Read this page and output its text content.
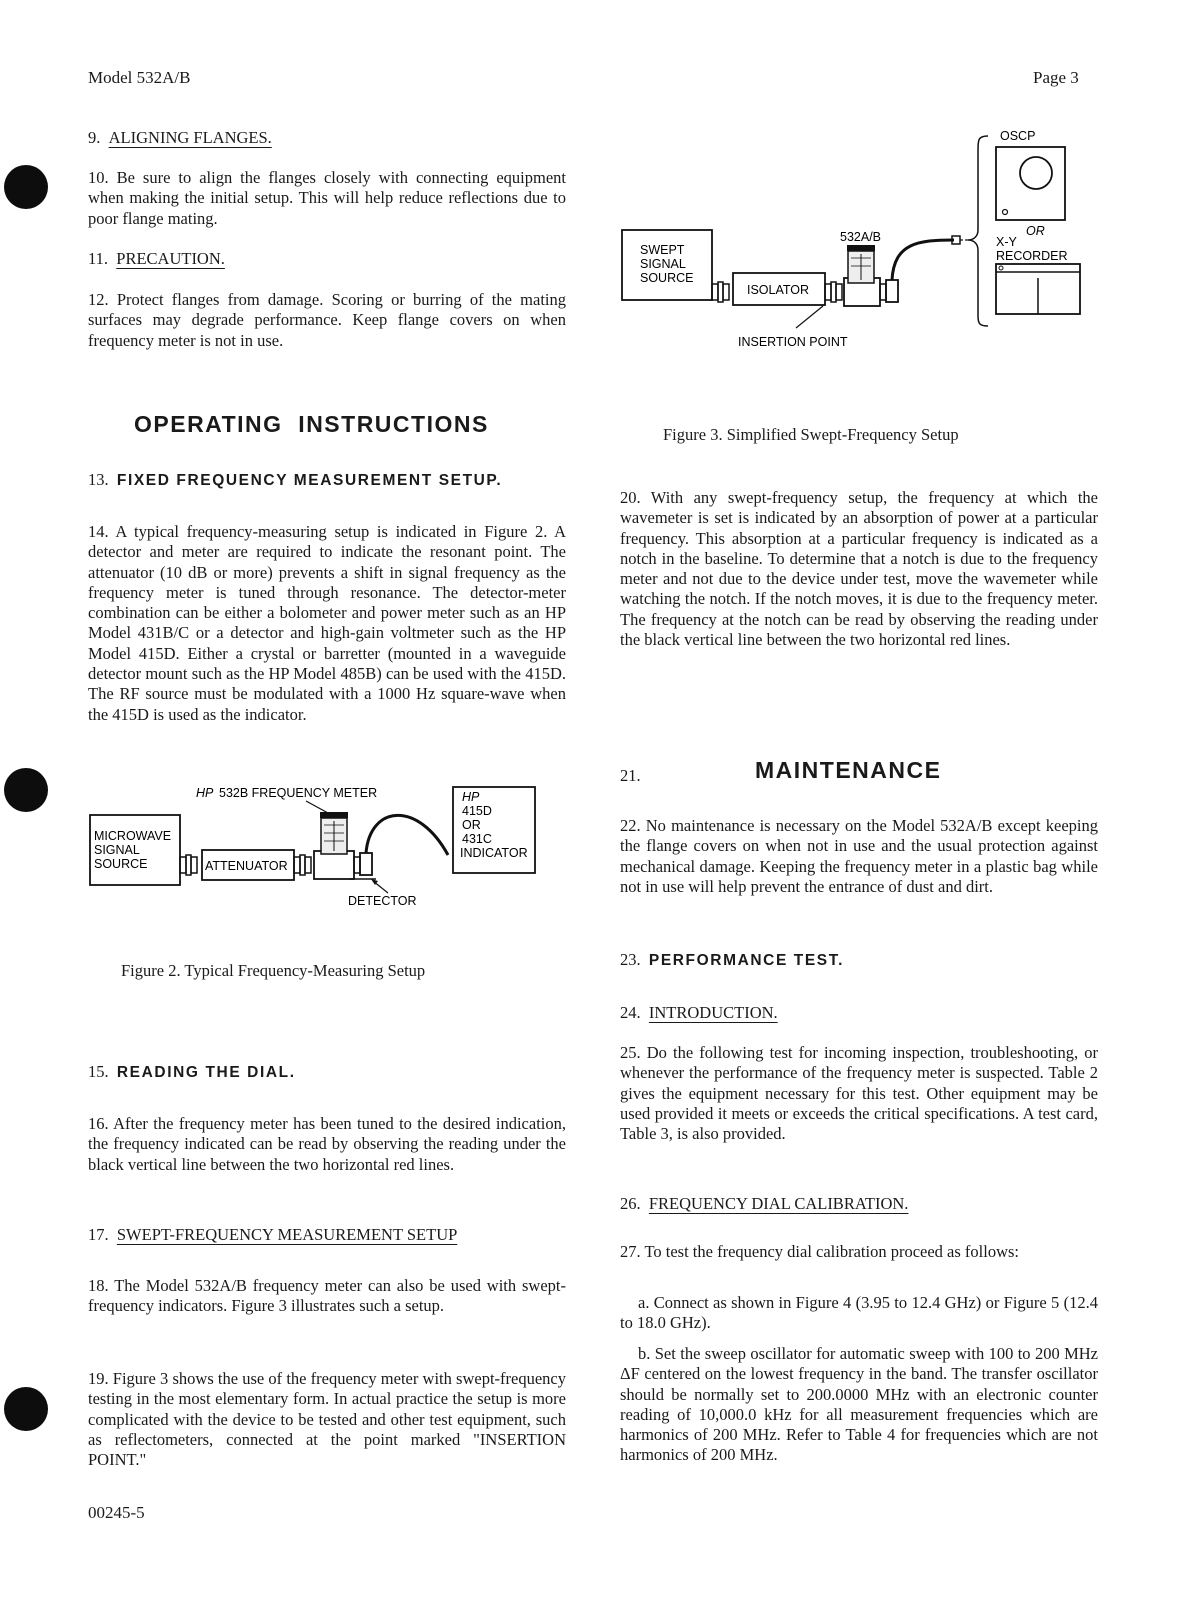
Model 532A/B	Page 3
9. ALIGNING FLANGES.

10. Be sure to align the flanges closely with connecting equipment when making the initial setup. This will help reduce reflections due to poor flange mating.

11. PRECAUTION.

12. Protect flanges from damage. Scoring or burring of the mating surfaces may degrade performance. Keep flange covers on when frequency meter is not in use.

OPERATING  INSTRUCTIONS
13. FIXED FREQUENCY MEASUREMENT SETUP.

14. A typical frequency-measuring setup is indicated in Figure 2. A detector and meter are required to indicate the resonant point. The attenuator (10 dB or more) prevents a shift in signal frequency as the frequency meter is tuned through resonance. The detector-meter combination can be either a bolometer and power meter such as an HP Model 431B/C or a detector and high-gain voltmeter such as the HP Model 415D. Either a crystal or barretter (mounted in a waveguide detector mount such as the HP Model 485B) can be used with the 415D. The RF source must be modulated with a 1000 Hz square-wave when the 415D is used as the indicator.

MICROWAVE
SIGNAL
SOURCE	ATTENUATOR
HP 532B FREQUENCY METER
DETECTOR
HP
415D
OR
431C
INDICATOR
Figure 2. Typical Frequency-Measuring Setup
15. READING THE DIAL.

16. After the frequency meter has been tuned to the desired indication, the frequency indicated can be read by observing the reading under the black vertical line between the two horizontal red lines.

17. SWEPT-FREQUENCY MEASUREMENT SETUP

18. The Model 532A/B frequency meter can also be used with swept-frequency indicators. Figure 3 illustrates such a setup.

19. Figure 3 shows the use of the frequency meter with swept-frequency testing in the most elementary form. In actual practice the setup is more complicated with the device to be tested and other test equipment, such as reflectometers, connected at the point marked "INSERTION POINT."

00245-5
SWEPT
SIGNAL
SOURCE
ISOLATOR
532A/B
INSERTION POINT
OSCP
OR
X-Y
RECORDER
Figure 3. Simplified Swept-Frequency Setup

20. With any swept-frequency setup, the frequency at which the wavemeter is set is indicated by an absorption of power at a particular frequency. This absorption at a particular frequency is indicated as a notch in the baseline. To determine that a notch is due to the frequency meter and not due to the device under test, move the wavemeter while watching the notch. If the notch moves, it is due to the frequency meter. The frequency at the notch can be read by observing the reading under the black vertical line between the two horizontal red lines.

21.	MAINTENANCE

22. No maintenance is necessary on the Model 532A/B except keeping the flange covers on when not in use and the usual protection against mechanical damage. Keeping the frequency meter in a plastic bag while not in use will help prevent the entrance of dust and dirt.

23. PERFORMANCE TEST.
24. INTRODUCTION.

25. Do the following test for incoming inspection, troubleshooting, or whenever the performance of the frequency meter is suspected. Table 2 gives the equipment necessary for this test. Other equipment may be used provided it meets or exceeds the critical specifications. A test card, Table 3, is also provided.

26. FREQUENCY DIAL CALIBRATION.

27. To test the frequency dial calibration proceed as follows:

a. Connect as shown in Figure 4 (3.95 to 12.4 GHz) or Figure 5 (12.4 to 18.0 GHz).

b. Set the sweep oscillator for automatic sweep with 100 to 200 MHz ΔF centered on the lowest frequency in the band. The transfer oscillator should be normally set to 200.0000 MHz with an electronic counter reading of 10,000.0 kHz for all measurement frequencies which are harmonics of 200 MHz. Refer to Table 4 for frequencies which are not harmonics of 200 MHz.
